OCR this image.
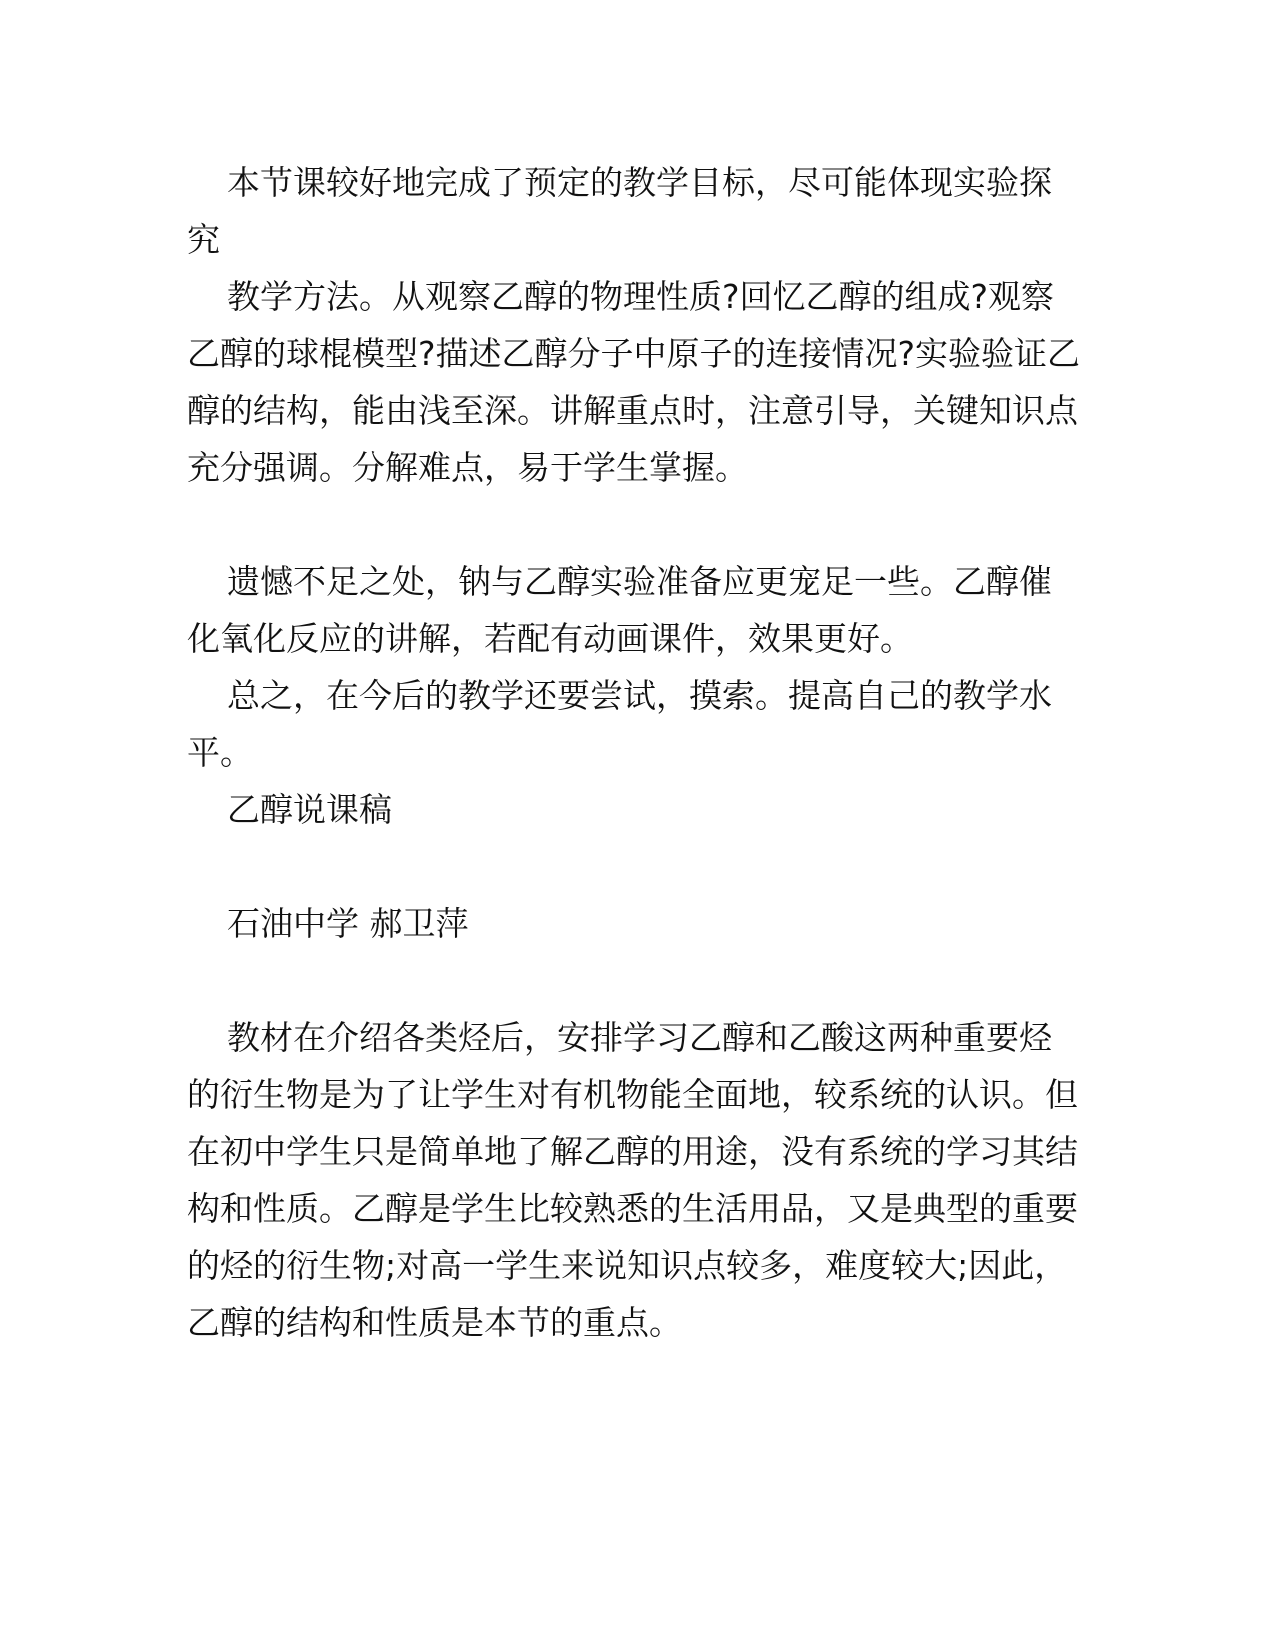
本节课较好地完成了预定的教学目标，尽可能体现实验探
究
教学方法。从观察乙醇的物理性质?回忆乙醇的组成?观察
乙醇的球棍模型?描述乙醇分子中原子的连接情况?实验验证乙
醇的结构，能由浅至深。讲解重点时，注意引导，关键知识点
充分强调。分解难点，易于学生掌握。
遗憾不足之处，钠与乙醇实验准备应更宠足一些。乙醇催
化氧化反应的讲解，若配有动画课件，效果更好。
总之，在今后的教学还要尝试，摸索。提高自己的教学水
平。
乙醇说课稿
石油中学 郝卫萍
教材在介绍各类烃后，安排学习乙醇和乙酸这两种重要烃
的衍生物是为了让学生对有机物能全面地，较系统的认识。但
在初中学生只是简单地了解乙醇的用途，没有系统的学习其结
构和性质。乙醇是学生比较熟悉的生活用品，又是典型的重要
的烃的衍生物;对高一学生来说知识点较多，难度较大;因此，
乙醇的结构和性质是本节的重点。
